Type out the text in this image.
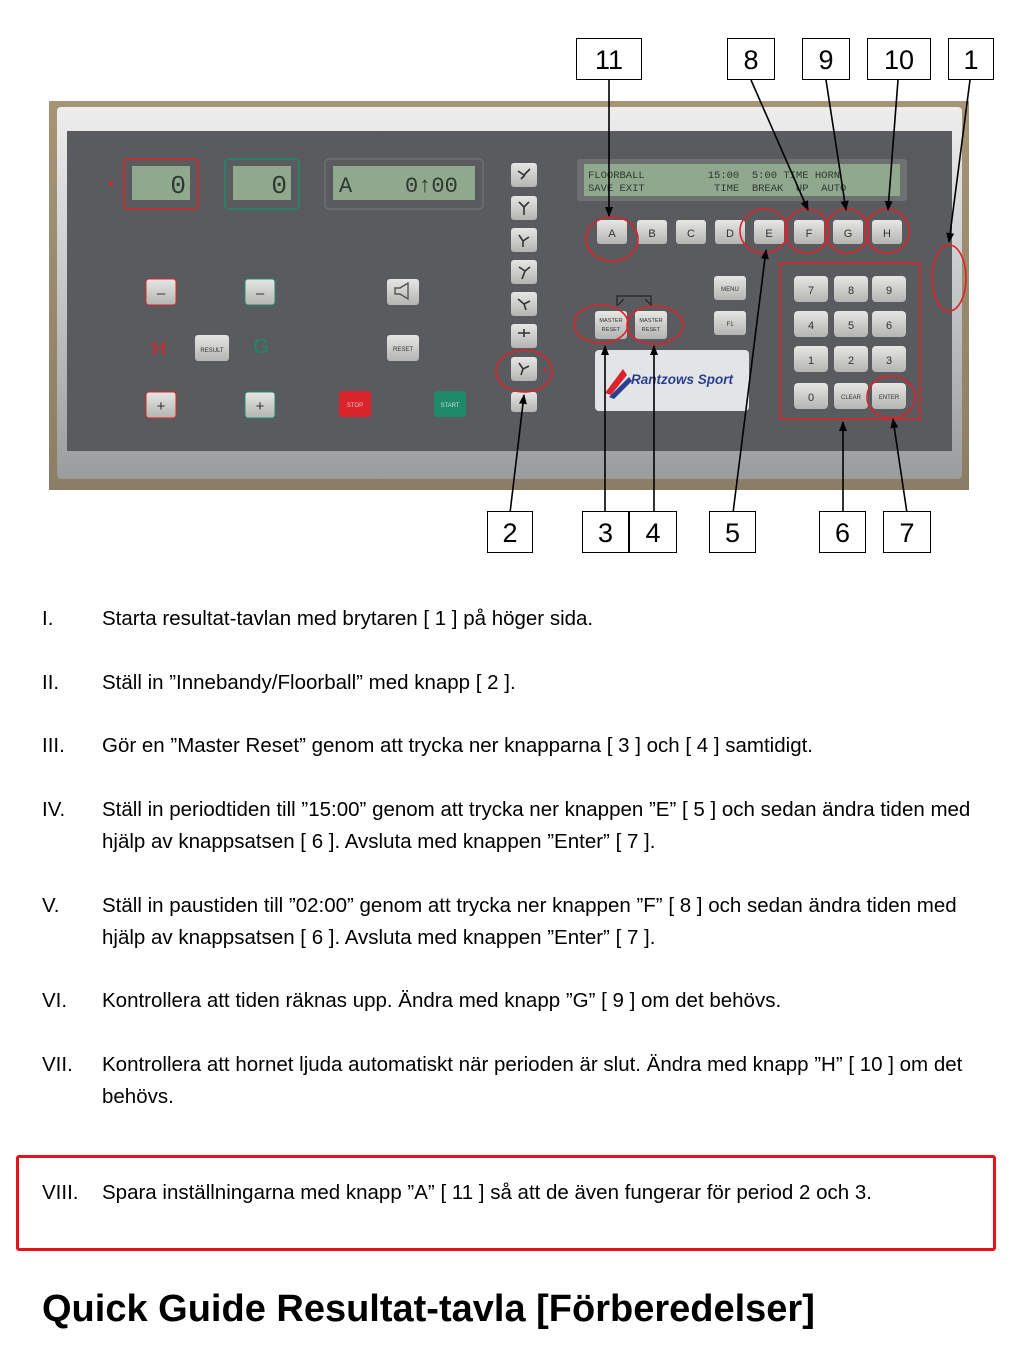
11	8	9	10	1
0	0 A    0↑00	FLOORBALL          15:00  5:00 TIME HORN
SAVE EXIT           TIME  BREAK  UP  AUTO
H	G
–	–
+	+
RESULT	RESET
STOP	START
A	B	C	D	E	F	G	H
MENU
F1
MASTER
RESET
MASTER
RESET
Rantzows Sport
7	8	9
4	5	6
1	2	3
0	CLEAR	ENTER
2	3	4	5	6	7
I. Starta resultat-tavlan med brytaren [ 1 ] på höger sida.
II. Ställ in ”Innebandy/Floorball” med knapp [ 2 ].
III. Gör en ”Master Reset” genom att trycka ner knapparna [ 3 ] och [ 4 ] samtidigt.
IV. Ställ in periodtiden till ”15:00” genom att trycka ner knappen ”E” [ 5 ] och sedan ändra tiden med hjälp av knappsatsen [ 6 ]. Avsluta med knappen ”Enter” [ 7 ].
V. Ställ in paustiden till ”02:00” genom att trycka ner knappen ”F” [ 8 ] och sedan ändra tiden med hjälp av knappsatsen [ 6 ]. Avsluta med knappen ”Enter” [ 7 ].
VI. Kontrollera att tiden räknas upp. Ändra med knapp ”G” [ 9 ] om det behövs.
VII. Kontrollera att hornet ljuda automatiskt när perioden är slut. Ändra med knapp ”H” [ 10 ] om det behövs.
VIII. Spara inställningarna med knapp ”A” [ 11 ] så att de även fungerar för period 2 och 3.
Quick Guide Resultat-tavla [Förberedelser]
